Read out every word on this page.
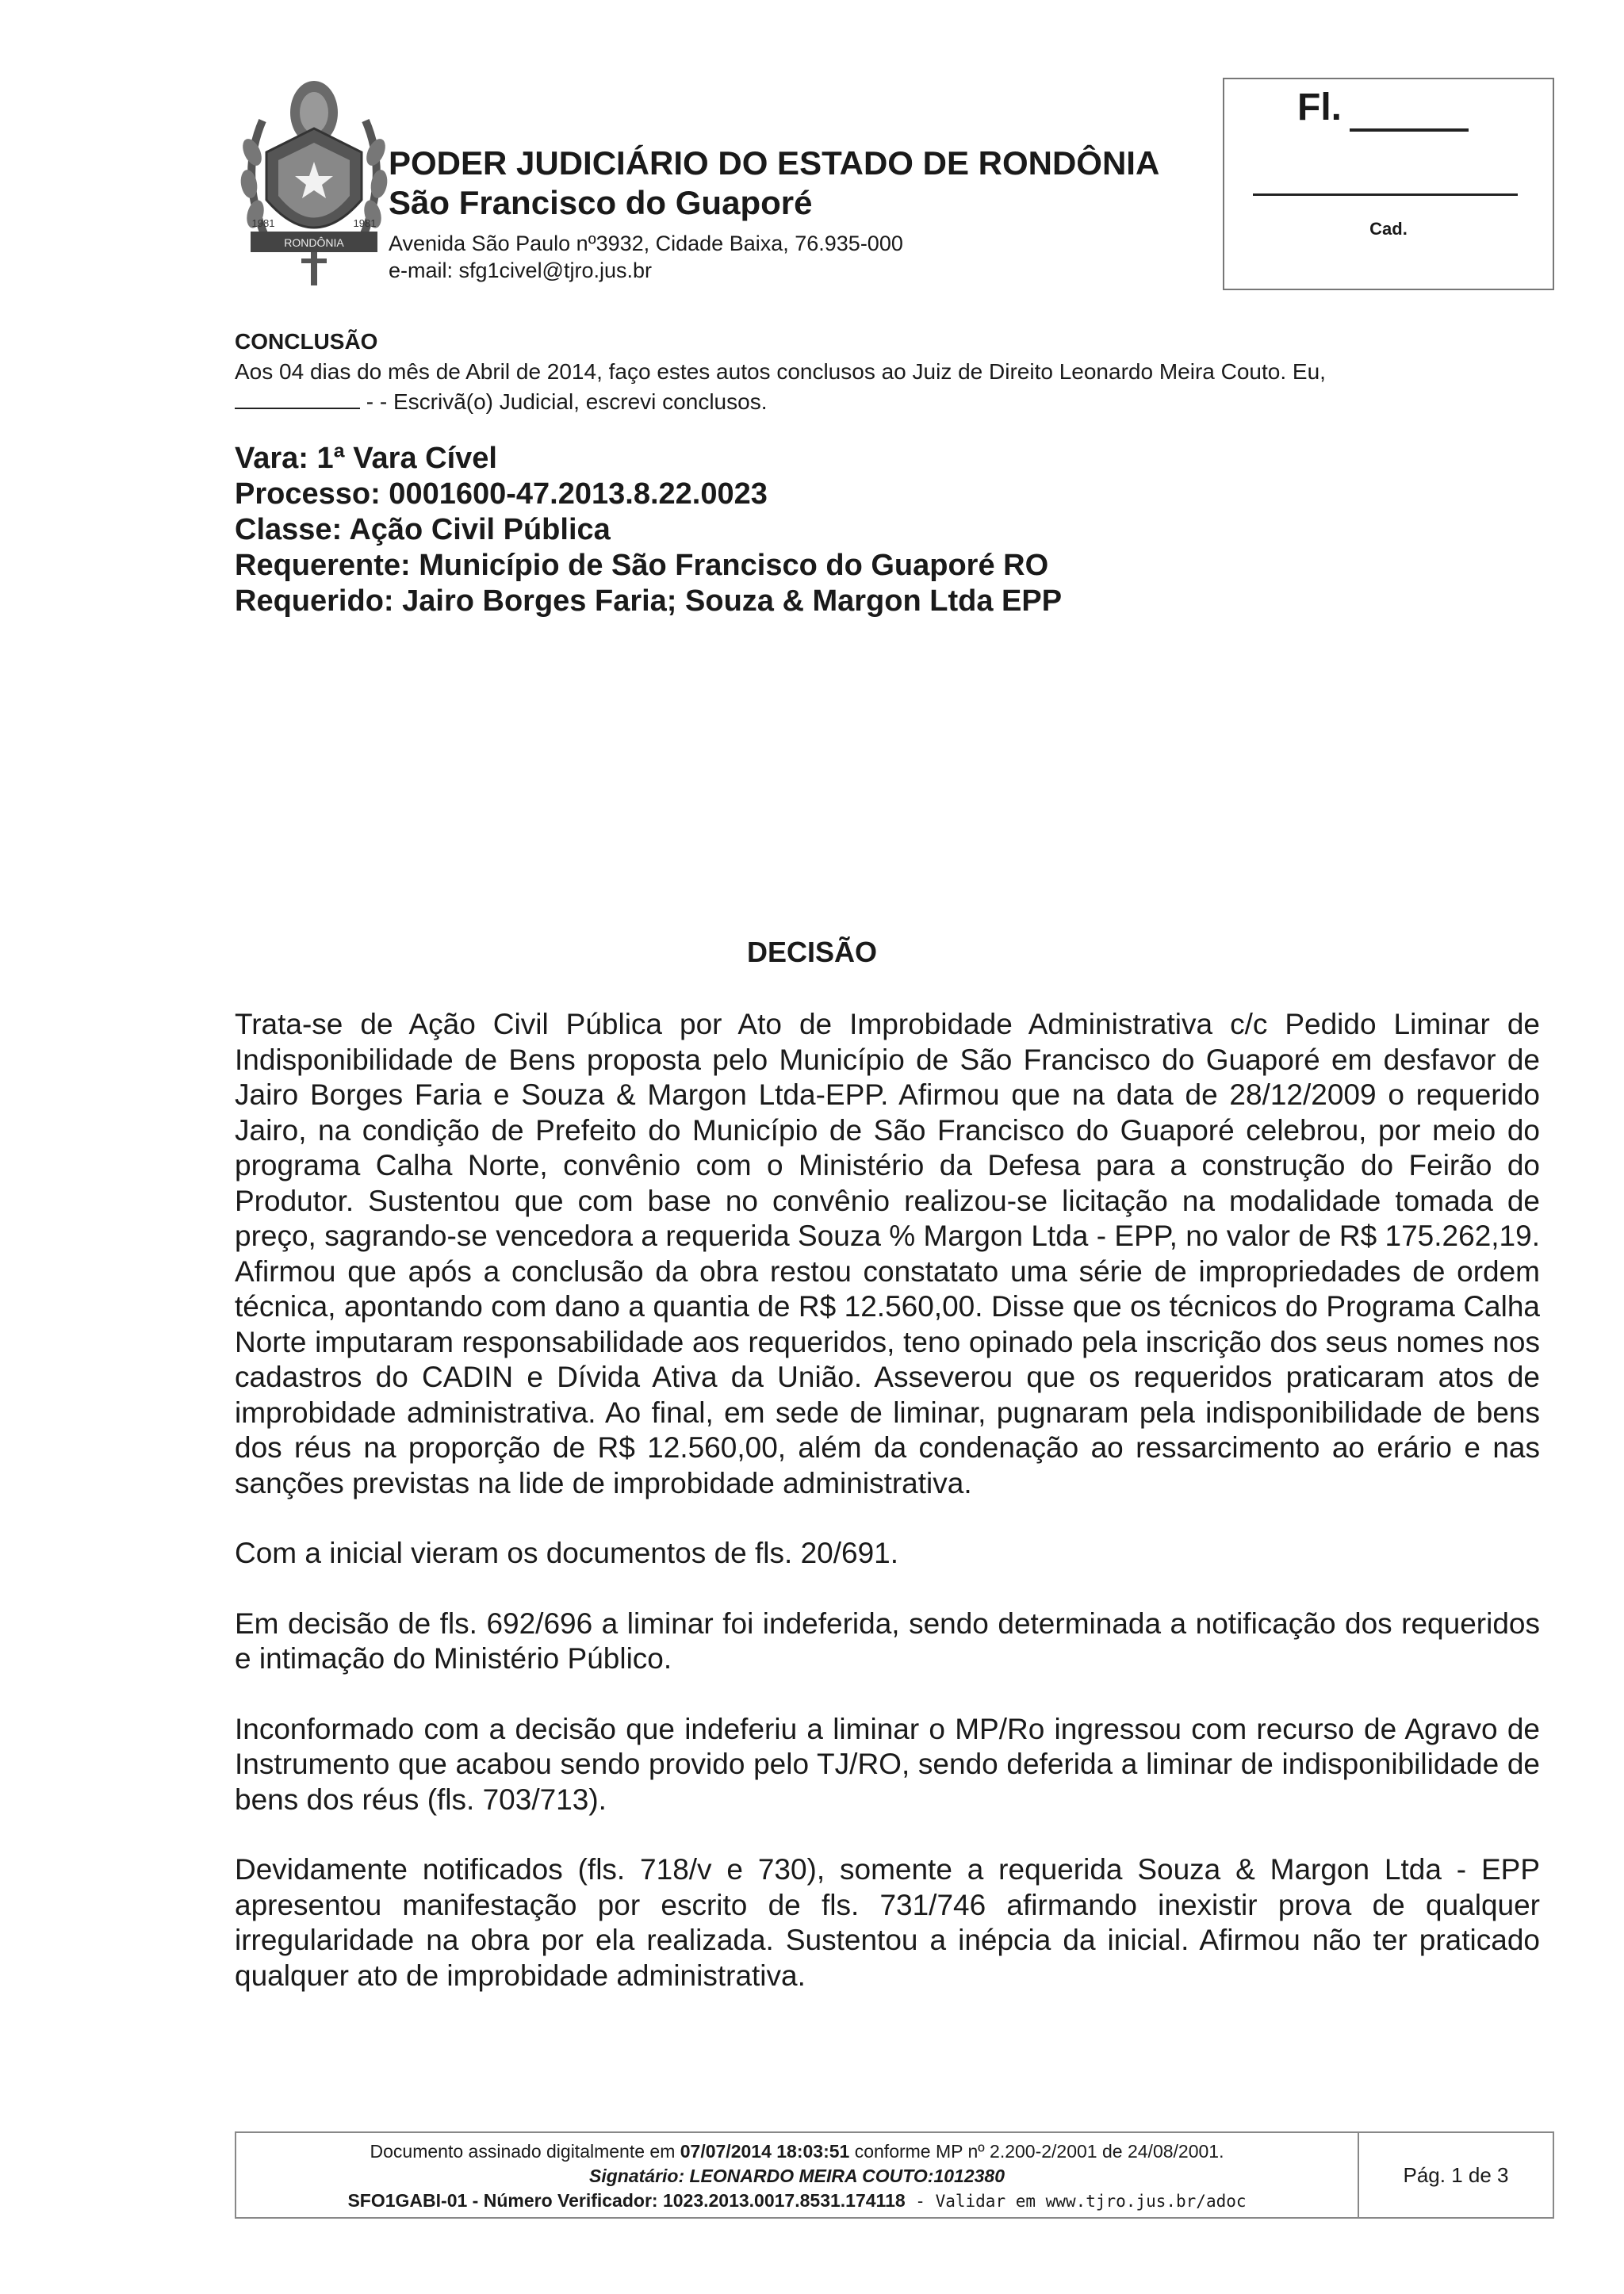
RONDÔNIA
1981	1981

PODER JUDICIÁRIO DO ESTADO DE RONDÔNIA

São Francisco do Guaporé

Avenida São Paulo nº3932, Cidade Baixa, 76.935-000
e-mail: sfg1civel@tjro.jus.br
Fl.
Cad.
CONCLUSÃO
Aos 04 dias do mês de Abril de 2014, faço estes autos conclusos ao Juiz de Direito Leonardo Meira Couto. Eu,
- - Escrivã(o) Judicial, escrevi conclusos.
Vara: 1ª Vara Cível
Processo: 0001600-47.2013.8.22.0023
Classe: Ação Civil Pública
Requerente: Município de São Francisco do Guaporé RO
Requerido: Jairo Borges Faria; Souza & Margon Ltda EPP
DECISÃO

Trata-se de Ação Civil Pública por Ato de Improbidade Administrativa c/c Pedido Liminar de Indisponibilidade de Bens proposta pelo Município de São Francisco do Guaporé em desfavor de Jairo Borges Faria e Souza & Margon Ltda-EPP. Afirmou que na data de 28/12/2009 o requerido Jairo, na condição de Prefeito do Município de São Francisco do Guaporé celebrou, por meio do programa Calha Norte, convênio com o Ministério da Defesa para a construção do Feirão do Produtor. Sustentou que com base no convênio realizou-se licitação na modalidade tomada de preço, sagrando-se vencedora a requerida Souza % Margon Ltda - EPP, no valor de R$ 175.262,19. Afirmou que após a conclusão da obra restou constatato uma série de impropriedades de ordem técnica, apontando com dano a quantia de R$ 12.560,00. Disse que os técnicos do Programa Calha Norte imputaram responsabilidade aos requeridos, teno opinado pela inscrição dos seus nomes nos cadastros do CADIN e Dívida Ativa da União. Asseverou que os requeridos praticaram atos de improbidade administrativa. Ao final, em sede de liminar, pugnaram pela indisponibilidade de bens dos réus na proporção de R$ 12.560,00, além da condenação ao ressarcimento ao erário e nas sanções previstas na lide de improbidade administrativa.

Com a inicial vieram os documentos de fls. 20/691.

Em decisão de fls. 692/696 a liminar foi indeferida, sendo determinada a notificação dos requeridos e intimação do Ministério Público.

Inconformado com a decisão que indeferiu a liminar o MP/Ro ingressou com recurso de Agravo de Instrumento que acabou sendo provido pelo TJ/RO, sendo deferida a liminar de indisponibilidade de bens dos réus (fls. 703/713).

Devidamente notificados (fls. 718/v e 730), somente a requerida Souza & Margon Ltda - EPP apresentou manifestação por escrito de fls. 731/746 afirmando inexistir prova de qualquer irregularidade na obra por ela realizada. Sustentou a inépcia da inicial. Afirmou não ter praticado qualquer ato de improbidade administrativa.

Documento assinado digitalmente em 07/07/2014 18:03:51 conforme MP nº 2.200-2/2001 de 24/08/2001.
Signatário: LEONARDO MEIRA COUTO:1012380
SFO1GABI-01 - Número Verificador: 1023.2013.0017.8531.174118 - Validar em www.tjro.jus.br/adoc
Pág. 1 de 3
